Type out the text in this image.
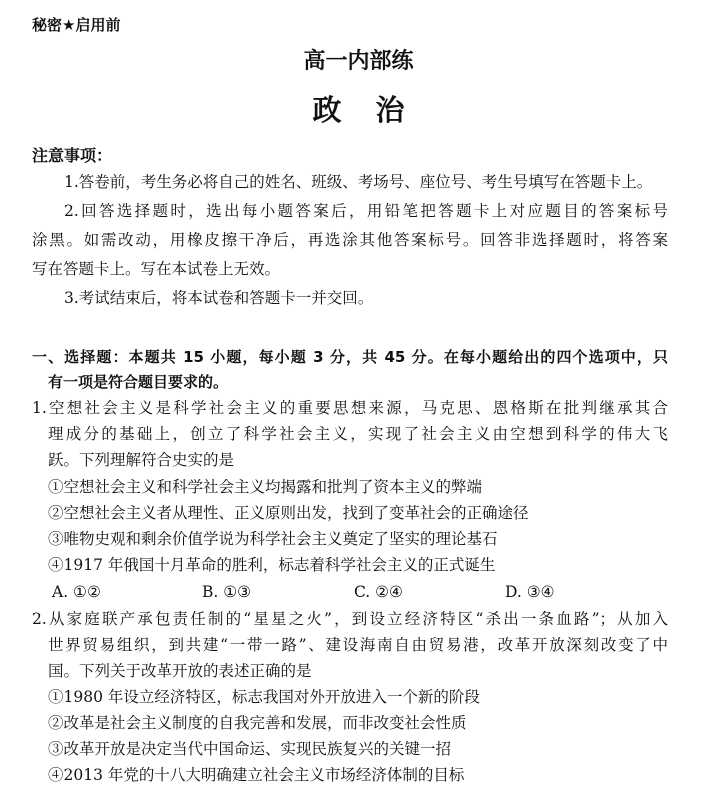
秘密★启用前
高一内部练
政治
注意事项：
1.答卷前，考生务必将自己的姓名、班级、考场号、座位号、考生号填写在答题卡上。
2.回答选择题时，选出每小题答案后，用铅笔把答题卡上对应题目的答案标号
涂黑。如需改动，用橡皮擦干净后，再选涂其他答案标号。回答非选择题时，将答案
写在答题卡上。写在本试卷上无效。
3.考试结束后，将本试卷和答题卡一并交回。
一、选择题：本题共 15 小题，每小题 3 分，共 45 分。在每小题给出的四个选项中，只
有一项是符合题目要求的。
1.空想社会主义是科学社会主义的重要思想来源，马克思、恩格斯在批判继承其合
理成分的基础上，创立了科学社会主义，实现了社会主义由空想到科学的伟大飞
跃。下列理解符合史实的是
①空想社会主义和科学社会主义均揭露和批判了资本主义的弊端
②空想社会主义者从理性、正义原则出发，找到了变革社会的正确途径
③唯物史观和剩余价值学说为科学社会主义奠定了坚实的理论基石
④1917 年俄国十月革命的胜利，标志着科学社会主义的正式诞生
A. ①②	B. ①③	C. ②④	D. ③④
2.从家庭联产承包责任制的“星星之火”，到设立经济特区“杀出一条血路”；从加入
世界贸易组织，到共建“一带一路”、建设海南自由贸易港，改革开放深刻改变了中
国。下列关于改革开放的表述正确的是
①1980 年设立经济特区，标志我国对外开放进入一个新的阶段
②改革是社会主义制度的自我完善和发展，而非改变社会性质
③改革开放是决定当代中国命运、实现民族复兴的关键一招
④2013 年党的十八大明确建立社会主义市场经济体制的目标
